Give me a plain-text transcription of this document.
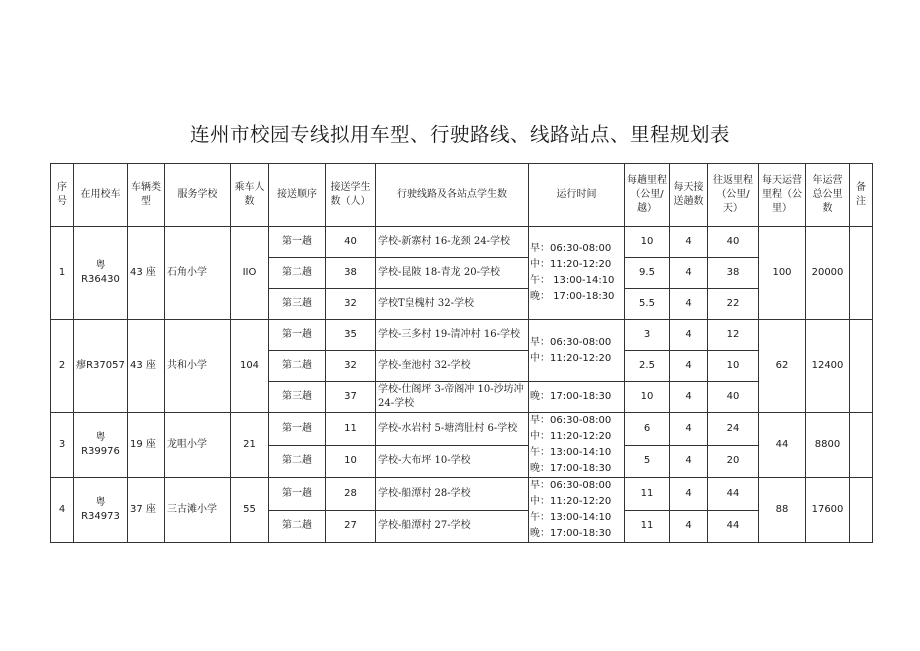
连州市校园专线拟用车型、行驶路线、线路站点、里程规划表
序号	在用校车	车辆类型	服务学校	乘车人数	接送顺序	接送学生数（人）	行驶线路及各站点学生数	运行时间	每趟里程（公里/越）	每天接送趟数	往返里程（公里/天）	每天运营里程（公里）	年运营总公里数	备注
1	粤 R36430	43 座	石角小学	IIO	第一趟	40	学校-新寨村 16-龙颈 24-学校	早：06:30-08:00 中：11:20-12:20 午： 13:00-14:10 晚： 17:00-18:30	10	4	40	100	20000	
					第二趟	38	学校-昆陂 18-青龙 20-学校		9.5	4	38			
					第三趟	32	学校T皇槐村 32-学校		5.5	4	22			
2	瘳R37057	43 座	共和小学	104	第一趟	35	学校-三多村 19-清冲村 16-学校	早：06:30-08:00 中：11:20-12:20	3	4	12	62	12400	
					第二趟	32	学校-奎池村 32-学校		2.5	4	10			
					第三趟	37	学校-仕阁坪 3-帝阁冲 10-沙坊冲 24-学校	晚：17:00-18:30	10	4	40			
3	粤 R39976	19 座	龙咀小学	21	第一趟	11	学校-水岩村 5-塘湾肚村 6-学校	早：06:30-08:00 中：11:20-12:20 午：13:00-14:10 晚：17:00-18:30	6	4	24	44	8800	
					第二趟	10	学校-大布坪 10-学校		5	4	20			
4	粤 R34973	37 座	三古滩小学	55	第一趟	28	学校-船潭村 28-学校	早：06:30-08:00 中：11:20-12:20 午：13:00-14:10 晚：17:00-18:30	11	4	44	88	17600	
					第二趟	27	学校-船潭村 27-学校		11	4	44			
